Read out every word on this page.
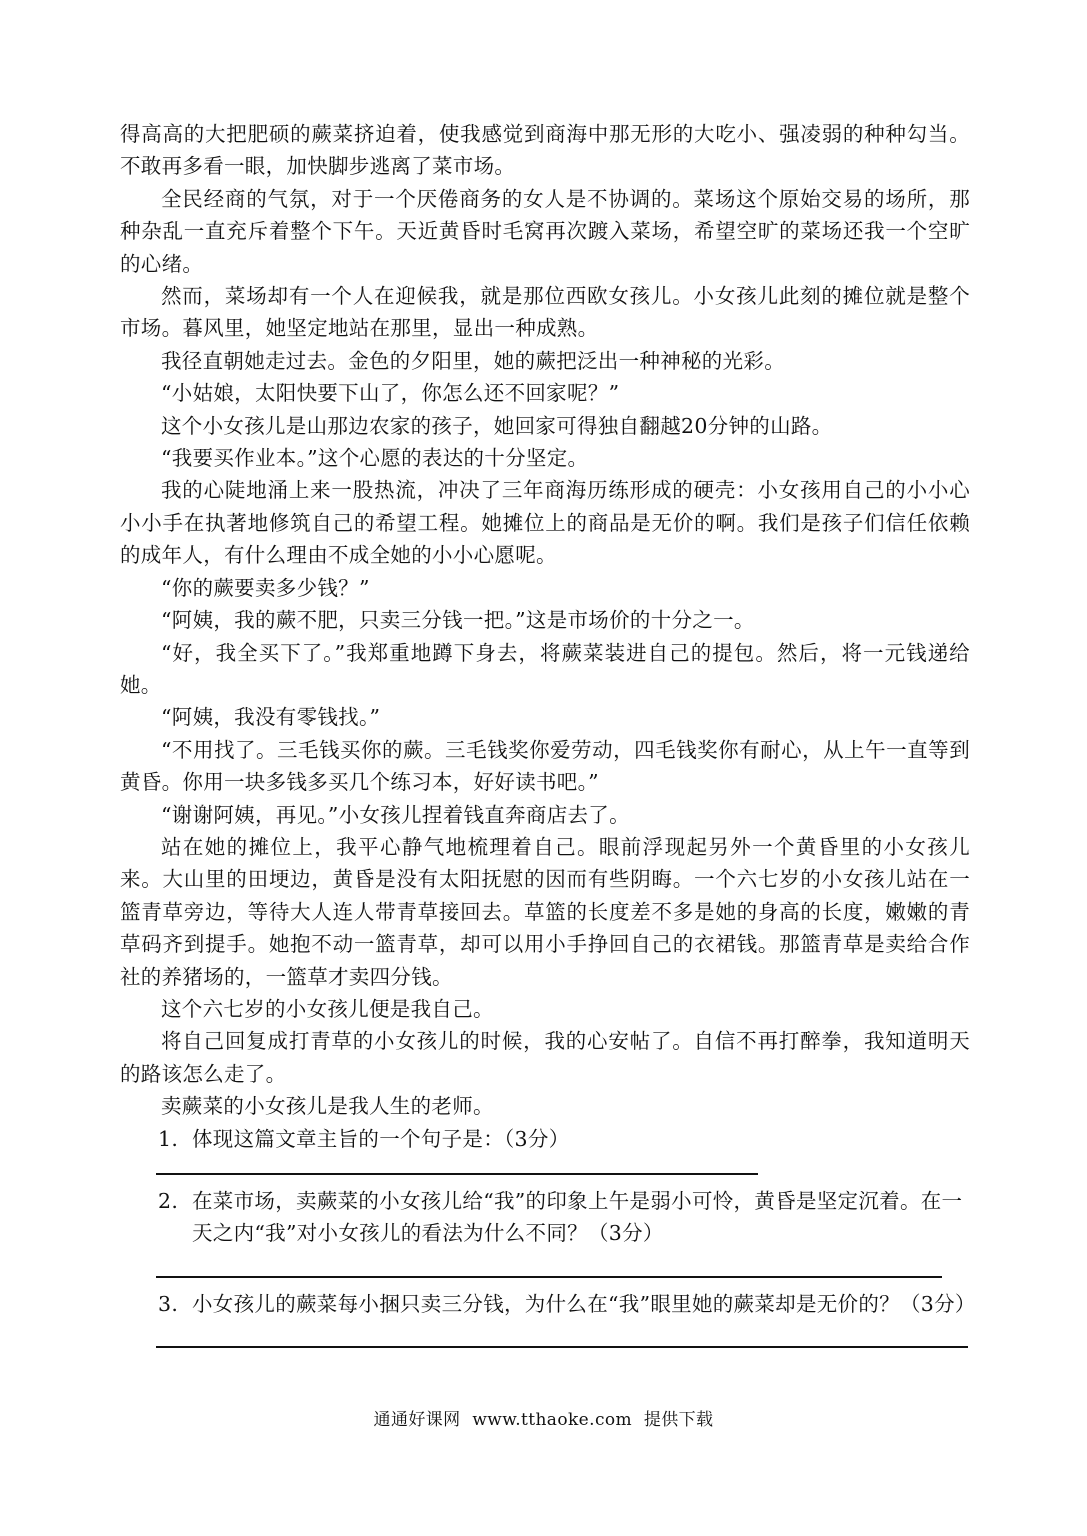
得高高的大把肥硕的蕨菜挤迫着，使我感觉到商海中那无形的大吃小、强凌弱的种种勾当。不敢再多看一眼，加快脚步逃离了菜市场。

全民经商的气氛，对于一个厌倦商务的女人是不协调的。菜场这个原始交易的场所，那种杂乱一直充斥着整个下午。天近黄昏时毛窝再次踱入菜场，希望空旷的菜场还我一个空旷的心绪。

然而，菜场却有一个人在迎候我，就是那位西欧女孩儿。小女孩儿此刻的摊位就是整个市场。暮风里，她坚定地站在那里，显出一种成熟。

我径直朝她走过去。金色的夕阳里，她的蕨把泛出一种神秘的光彩。

“小姑娘，太阳快要下山了，你怎么还不回家呢？”

这个小女孩儿是山那边农家的孩子，她回家可得独自翻越20分钟的山路。

“我要买作业本。”这个心愿的表达的十分坚定。

我的心陡地涌上来一股热流，冲决了三年商海历练形成的硬壳：小女孩用自己的小小心小小手在执著地修筑自己的希望工程。她摊位上的商品是无价的啊。我们是孩子们信任依赖的成年人，有什么理由不成全她的小小心愿呢。

“你的蕨要卖多少钱？”

“阿姨，我的蕨不肥，只卖三分钱一把。”这是市场价的十分之一。

“好，我全买下了。”我郑重地蹲下身去，将蕨菜装进自己的提包。然后，将一元钱递给她。

“阿姨，我没有零钱找。”

“不用找了。三毛钱买你的蕨。三毛钱奖你爱劳动，四毛钱奖你有耐心，从上午一直等到黄昏。你用一块多钱多买几个练习本，好好读书吧。”

“谢谢阿姨，再见。”小女孩儿捏着钱直奔商店去了。

站在她的摊位上，我平心静气地梳理着自己。眼前浮现起另外一个黄昏里的小女孩儿来。大山里的田埂边，黄昏是没有太阳抚慰的因而有些阴晦。一个六七岁的小女孩儿站在一篮青草旁边，等待大人连人带青草接回去。草篮的长度差不多是她的身高的长度，嫩嫩的青草码齐到提手。她抱不动一篮青草，却可以用小手挣回自己的衣裙钱。那篮青草是卖给合作社的养猪场的，一篮草才卖四分钱。

这个六七岁的小女孩儿便是我自己。

将自己回复成打青草的小女孩儿的时候，我的心安帖了。自信不再打醉拳，我知道明天的路该怎么走了。

卖蕨菜的小女孩儿是我人生的老师。

1. 体现这篇文章主旨的一个句子是：（3分）
2. 在菜市场，卖蕨菜的小女孩儿给“我”的印象上午是弱小可怜，黄昏是坚定沉着。在一天之内“我”对小女孩儿的看法为什么不同？（3分）
3. 小女孩儿的蕨菜每小捆只卖三分钱，为什么在“我”眼里她的蕨菜却是无价的？（3分）
通通好课网 www.tthaoke.com 提供下载
